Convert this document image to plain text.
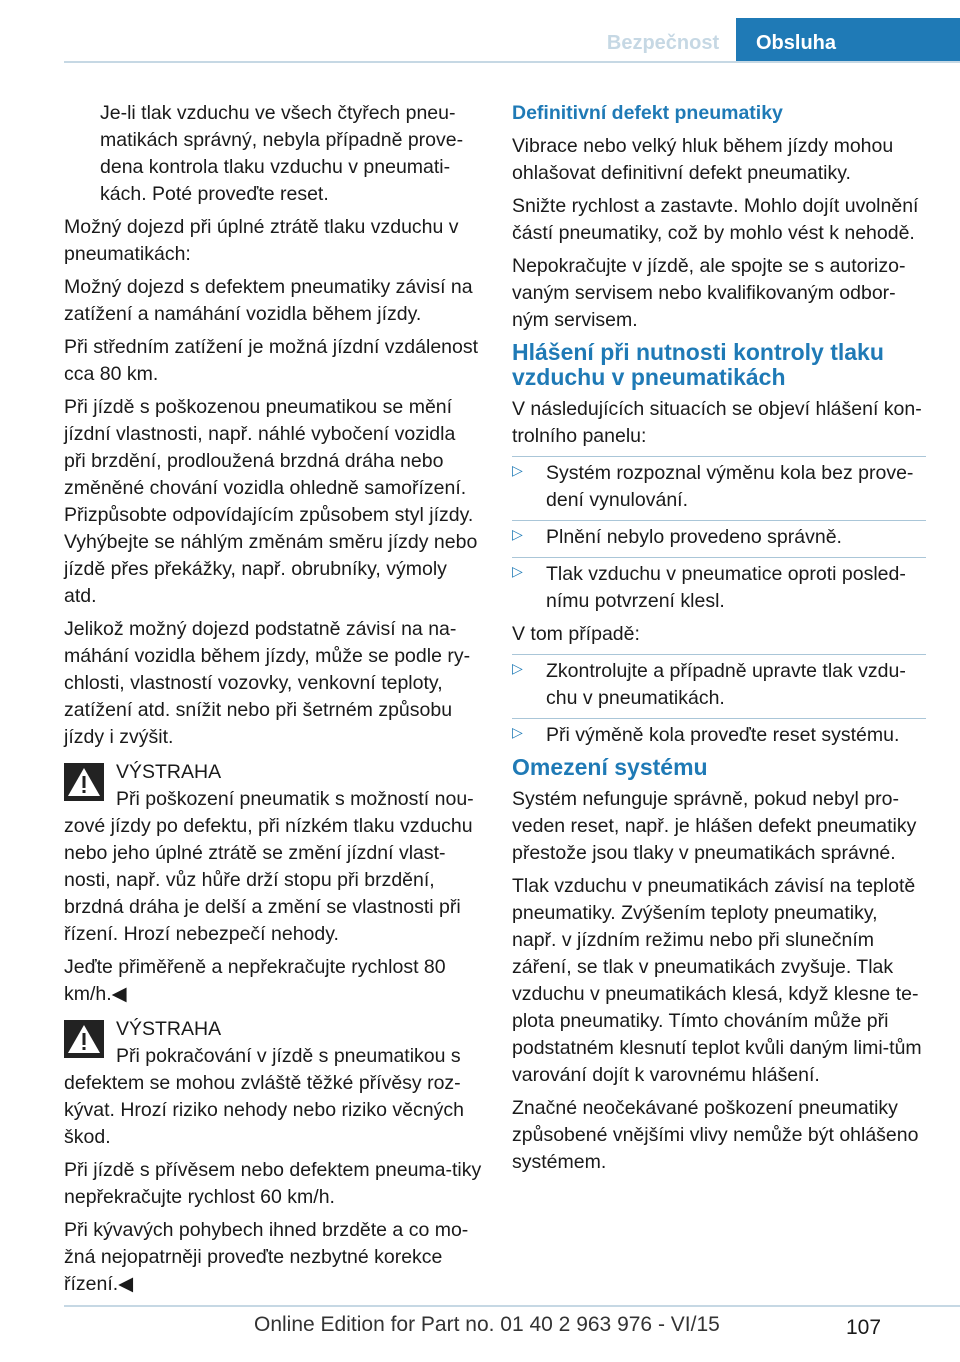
Bezpečnost	Obsluha

Je-li tlak vzduchu ve všech čtyřech pneu-matikách správný, nebyla případně prove-dena kontrola tlaku vzduchu v pneumati-kách. Poté proveďte reset.

Možný dojezd při úplné ztrátě tlaku vzduchu v pneumatikách:

Možný dojezd s defektem pneumatiky závisí na zatížení a namáhání vozidla během jízdy.

Při středním zatížení je možná jízdní vzdálenost cca 80 km.

Při jízdě s poškozenou pneumatikou se mění jízdní vlastnosti, např. náhlé vybočení vozidla při brzdění, prodloužená brzdná dráha nebo změněné chování vozidla ohledně samořízení. Přizpůsobte odpovídajícím způsobem styl jízdy. Vyhýbejte se náhlým změnám směru jízdy nebo jízdě přes překážky, např. obrubníky, výmoly atd.

Jelikož možný dojezd podstatně závisí na na-máhání vozidla během jízdy, může se podle ry-chlosti, vlastností vozovky, venkovní teploty, zatížení atd. snížit nebo při šetrném způsobu jízdy i zvýšit.

VÝSTRAHA
Při poškození pneumatik s možností nou-

zové jízdy po defektu, při nízkém tlaku vzduchu nebo jeho úplné ztrátě se změní jízdní vlast-nosti, např. vůz hůře drží stopu při brzdění, brzdná dráha je delší a změní se vlastnosti při řízení. Hrozí nebezpečí nehody.

Jeďte přiměřeně a nepřekračujte rychlost 80 km/h.◀

VÝSTRAHA
Při pokračování v jízdě s pneumatikou s

defektem se mohou zvláště těžké přívěsy roz-kývat. Hrozí riziko nehody nebo riziko věcných škod.

Při jízdě s přívěsem nebo defektem pneuma-tiky nepřekračujte rychlost 60 km/h.

Při kývavých pohybech ihned brzděte a co mo-žná nejopatrněji proveďte nezbytné korekce řízení.◀

Definitivní defekt pneumatiky

Vibrace nebo velký hluk během jízdy mohou ohlašovat definitivní defekt pneumatiky.

Snižte rychlost a zastavte. Mohlo dojít uvolnění částí pneumatiky, což by mohlo vést k nehodě.

Nepokračujte v jízdě, ale spojte se s autorizo-vaným servisem nebo kvalifikovaným odbor-ným servisem.

Hlášení při nutnosti kontroly tlaku vzduchu v pneumatikách

V následujících situacích se objeví hlášení kon-trolního panelu:

▷ Systém rozpoznal výměnu kola bez prove-dení vynulování.
▷ Plnění nebylo provedeno správně.
▷ Tlak vzduchu v pneumatice oproti posled-nímu potvrzení klesl.

V tom případě:

▷ Zkontrolujte a případně upravte tlak vzdu-chu v pneumatikách.
▷ Při výměně kola proveďte reset systému.

Omezení systému

Systém nefunguje správně, pokud nebyl pro-veden reset, např. je hlášen defekt pneumatiky přestože jsou tlaky v pneumatikách správné.

Tlak vzduchu v pneumatikách závisí na teplotě pneumatiky. Zvýšením teploty pneumatiky, např. v jízdním režimu nebo při slunečním záření, se tlak v pneumatikách zvyšuje. Tlak vzduchu v pneumatikách klesá, když klesne te-plota pneumatiky. Tímto chováním může při podstatném klesnutí teplot kvůli daným limi-tům varování dojít k varovnému hlášení.

Značné neočekávané poškození pneumatiky způsobené vnějšími vlivy nemůže být ohlášeno systémem.

107
Online Edition for Part no. 01 40 2 963 976 - VI/15
